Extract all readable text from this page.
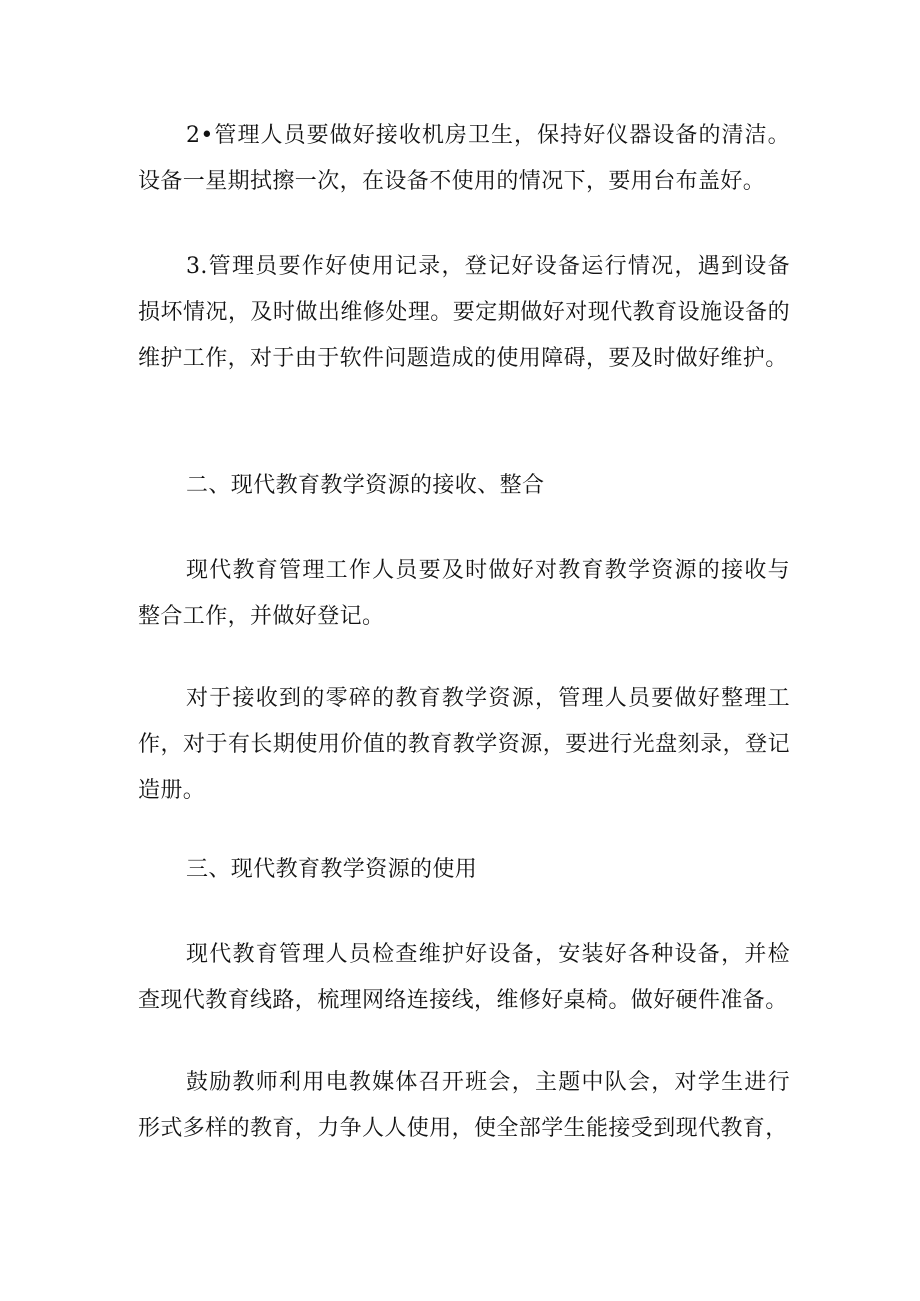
2•管理人员要做好接收机房卫生，保持好仪器设备的清洁。设备一星期拭擦一次，在设备不使用的情况下，要用台布盖好。

3.管理员要作好使用记录，登记好设备运行情况，遇到设备损坏情况，及时做出维修处理。要定期做好对现代教育设施设备的维护工作，对于由于软件问题造成的使用障碍，要及时做好维护。

二、现代教育教学资源的接收、整合

现代教育管理工作人员要及时做好对教育教学资源的接收与整合工作，并做好登记。

对于接收到的零碎的教育教学资源，管理人员要做好整理工作，对于有长期使用价值的教育教学资源，要进行光盘刻录，登记造册。

三、现代教育教学资源的使用

现代教育管理人员检查维护好设备，安装好各种设备，并检查现代教育线路，梳理网络连接线，维修好桌椅。做好硬件准备。

鼓励教师利用电教媒体召开班会，主题中队会，对学生进行形式多样的教育，力争人人使用，使全部学生能接受到现代教育，
